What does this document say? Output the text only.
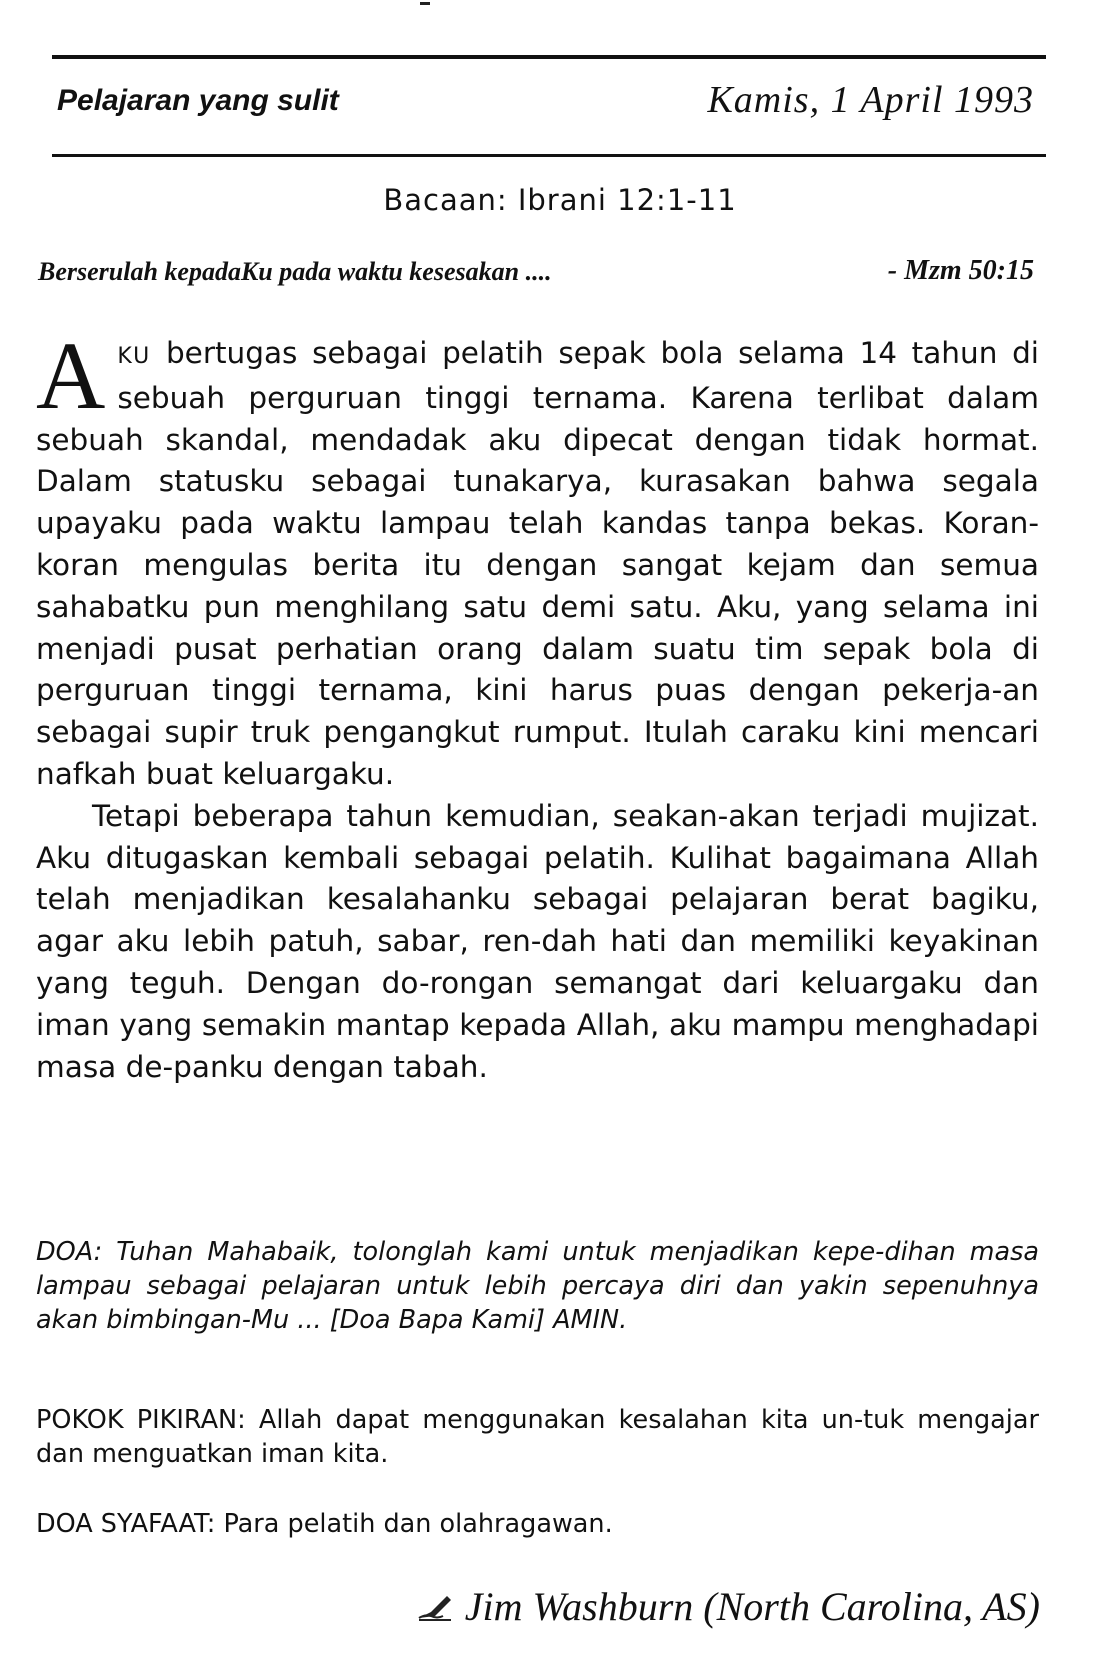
Pelajaran yang sulit	Kamis, 1 April 1993
Bacaan: Ibrani 12:1-11
Berserulah kepadaKu pada waktu kesesakan ....	- Mzm 50:15

AKU bertugas sebagai pelatih sepak bola selama 14 tahun di sebuah perguruan tinggi ternama. Karena terlibat dalam sebuah skandal, mendadak aku dipecat dengan tidak hormat. Dalam statusku sebagai tunakarya, kurasakan bahwa segala upayaku pada waktu lampau telah kandas tanpa bekas. Koran-koran mengulas berita itu dengan sangat kejam dan semua sahabatku pun menghilang satu demi satu. Aku, yang selama ini menjadi pusat perhatian orang dalam suatu tim sepak bola di perguruan tinggi ternama, kini harus puas dengan pekerja-an sebagai supir truk pengangkut rumput. Itulah caraku kini mencari nafkah buat keluargaku.

Tetapi beberapa tahun kemudian, seakan-akan terjadi mujizat. Aku ditugaskan kembali sebagai pelatih. Kulihat bagaimana Allah telah menjadikan kesalahanku sebagai pelajaran berat bagiku, agar aku lebih patuh, sabar, ren-dah hati dan memiliki keyakinan yang teguh. Dengan do-rongan semangat dari keluargaku dan iman yang semakin mantap kepada Allah, aku mampu menghadapi masa de-panku dengan tabah.

DOA: Tuhan Mahabaik, tolonglah kami untuk menjadikan kepe-dihan masa lampau sebagai pelajaran untuk lebih percaya diri dan yakin sepenuhnya akan bimbingan-Mu ... [Doa Bapa Kami] AMIN.
POKOK PIKIRAN: Allah dapat menggunakan kesalahan kita un-tuk mengajar dan menguatkan iman kita.
DOA SYAFAAT: Para pelatih dan olahragawan.
Jim Washburn (North Carolina, AS)
